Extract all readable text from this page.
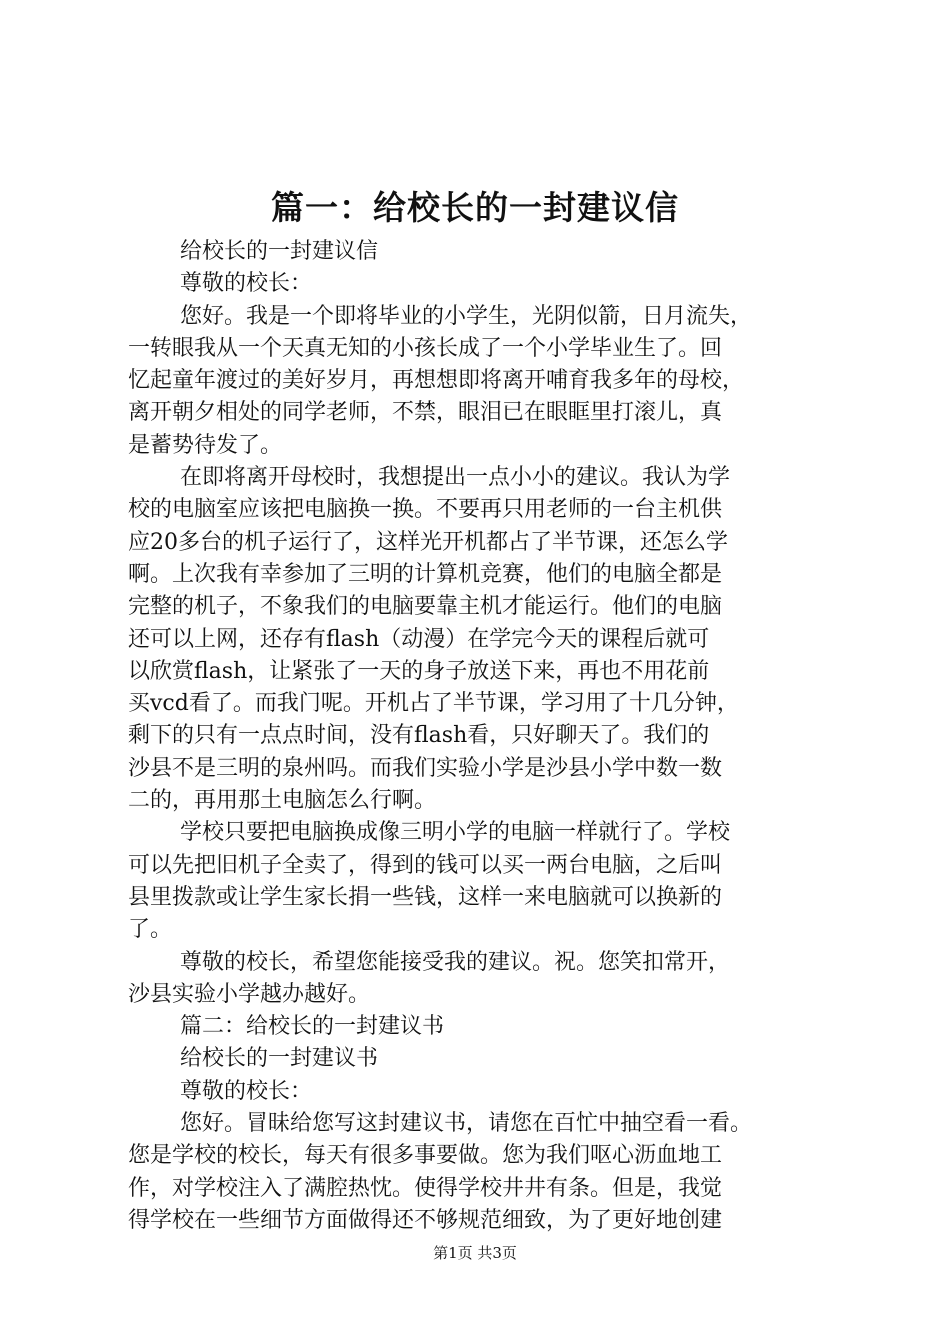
篇一：给校长的一封建议信
给校长的一封建议信
尊敬的校长：
您好。我是一个即将毕业的小学生，光阴似箭，日月流失，
一转眼我从一个天真无知的小孩长成了一个小学毕业生了。回
忆起童年渡过的美好岁月，再想想即将离开哺育我多年的母校，
离开朝夕相处的同学老师，不禁，眼泪已在眼眶里打滚儿，真
是蓄势待发了。
在即将离开母校时，我想提出一点小小的建议。我认为学
校的电脑室应该把电脑换一换。不要再只用老师的一台主机供
应20多台的机子运行了，这样光开机都占了半节课，还怎么学
啊。上次我有幸参加了三明的计算机竞赛，他们的电脑全都是
完整的机子，不象我们的电脑要靠主机才能运行。他们的电脑
还可以上网，还存有flash（动漫）在学完今天的课程后就可
以欣赏flash，让紧张了一天的身子放送下来，再也不用花前
买vcd看了。而我门呢。开机占了半节课，学习用了十几分钟，
剩下的只有一点点时间，没有flash看，只好聊天了。我们的
沙县不是三明的泉州吗。而我们实验小学是沙县小学中数一数
二的，再用那土电脑怎么行啊。
学校只要把电脑换成像三明小学的电脑一样就行了。学校
可以先把旧机子全卖了，得到的钱可以买一两台电脑，之后叫
县里拨款或让学生家长捐一些钱，这样一来电脑就可以换新的
了。
尊敬的校长，希望您能接受我的建议。祝。您笑扣常开，
沙县实验小学越办越好。
篇二：给校长的一封建议书
给校长的一封建议书
尊敬的校长：
您好。冒昧给您写这封建议书，请您在百忙中抽空看一看。
您是学校的校长，每天有很多事要做。您为我们呕心沥血地工
作，对学校注入了满腔热忱。使得学校井井有条。但是，我觉
得学校在一些细节方面做得还不够规范细致，为了更好地创建
第1页 共3页
